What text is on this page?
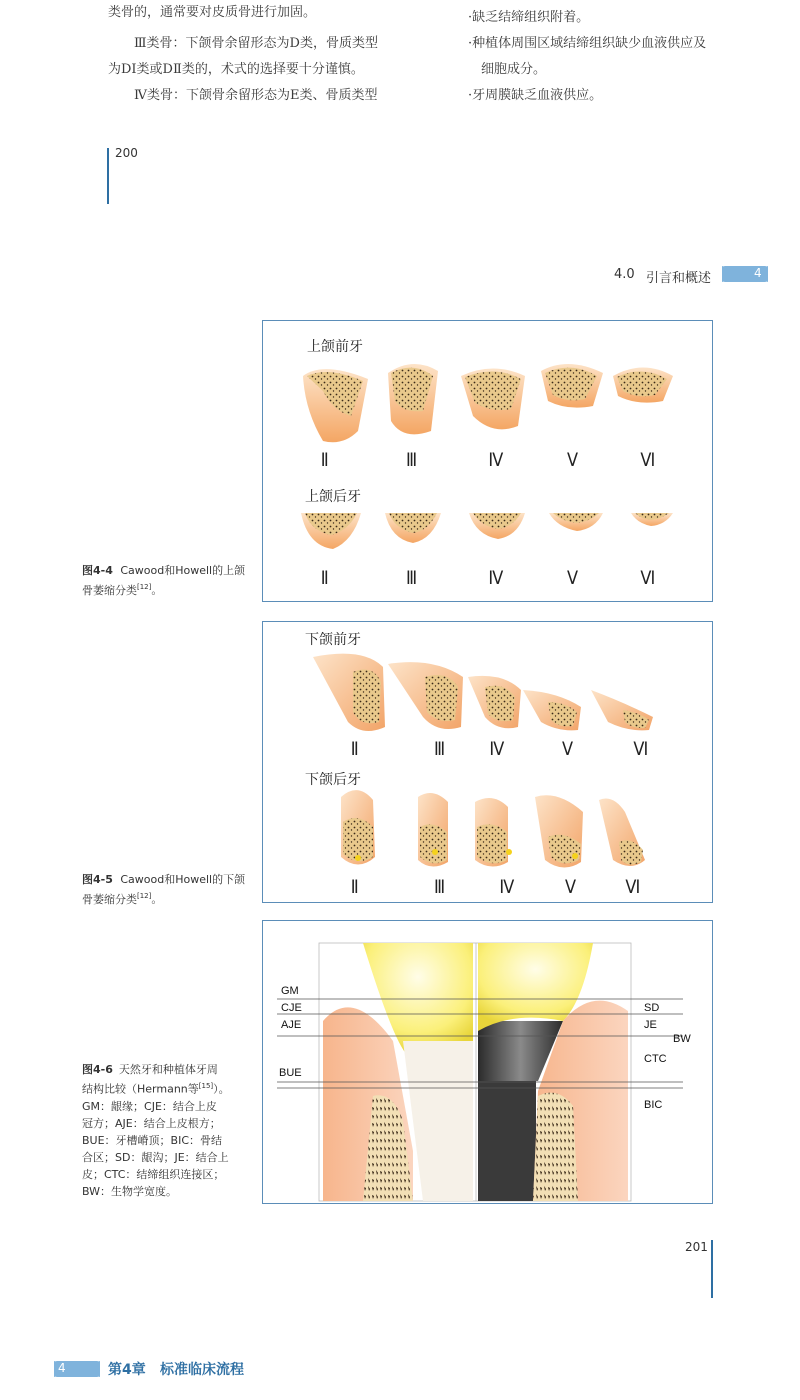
类骨的，通常要对皮质骨进行加固。
　　Ⅲ类骨：下颌骨余留形态为D类，骨质类型
为DⅠ类或DⅡ类的，术式的选择要十分谨慎。
　　Ⅳ类骨：下颌骨余留形态为E类、骨质类型
·缺乏结缔组织附着。
·种植体周围区域结缔组织缺少血液供应及
　细胞成分。
·牙周膜缺乏血液供应。
200
4.0 引言和概述	4
上颌前牙
Ⅱ	Ⅲ	Ⅳ	Ⅴ	Ⅵ
上颌后牙
Ⅱ	Ⅲ	Ⅳ	Ⅴ	Ⅵ
图4-4 Cawood和Howell的上颌骨萎缩分类[12]。
下颌前牙
Ⅱ	Ⅲ Ⅳ	Ⅴ	Ⅵ
下颌后牙
Ⅱ	Ⅲ	Ⅳ	Ⅴ	Ⅵ
图4-5 Cawood和Howell的下颌骨萎缩分类[12]。
GM
CJE
AJE
BUE
SD
JE
CTC
BIC
BW
图4-6 天然牙和种植体牙周
结构比较（Hermann等[15]）。
GM：龈缘；CJE：结合上皮
冠方；AJE：结合上皮根方；
BUE：牙槽嵴顶；BIC：骨结
合区；SD：龈沟；JE：结合上
皮；CTC：结缔组织连接区；
BW：生物学宽度。
201
4	第4章 标准临床流程
